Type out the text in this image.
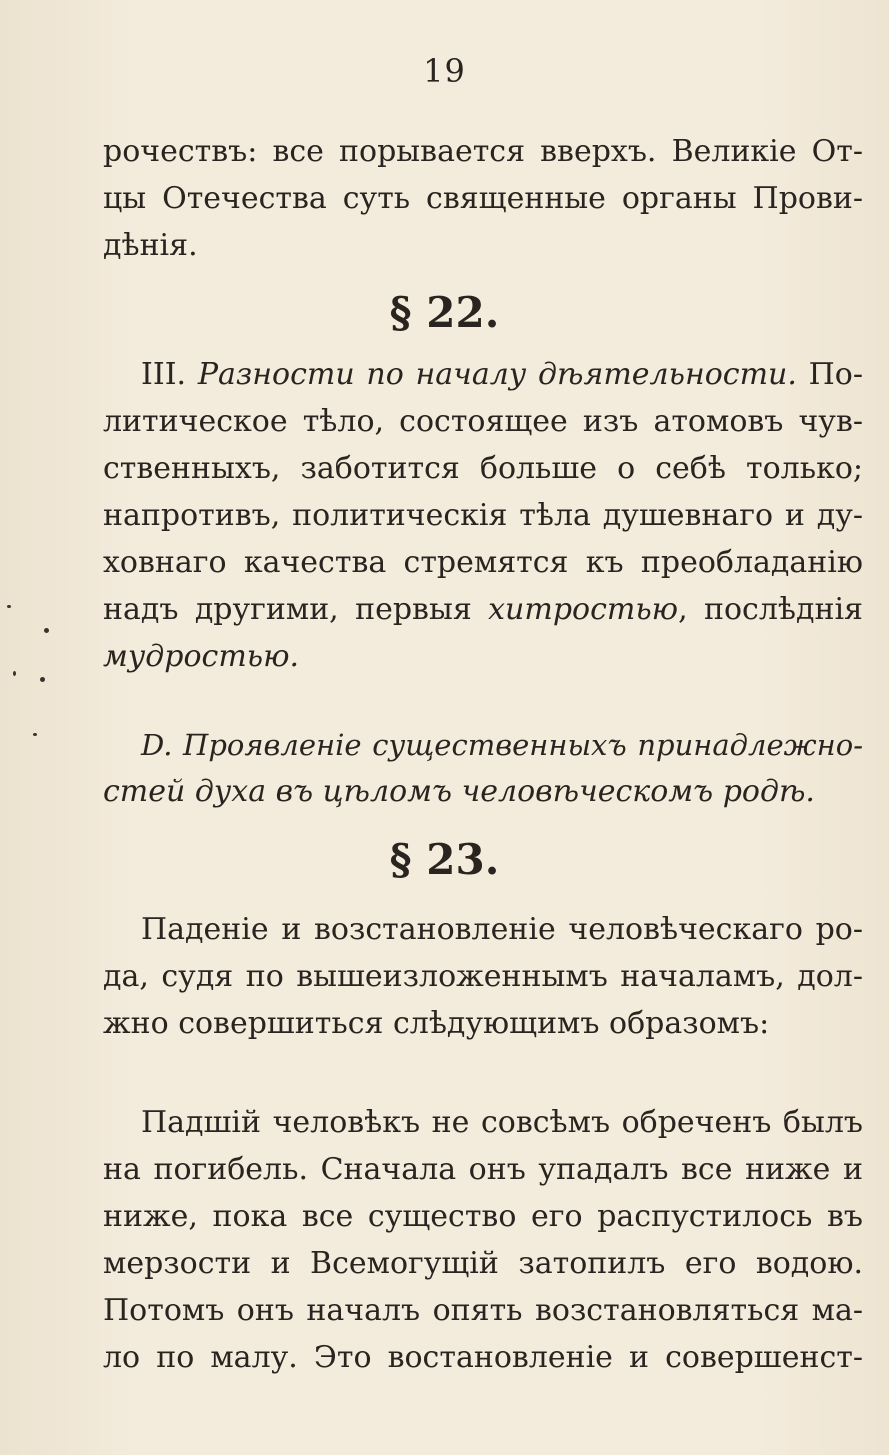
19
рочествъ: все порывается вверхъ. Великіе От-
цы Отечества суть священные органы Прови-
дѣнія.
§ 22.
III. Разности по началу дѣятельности. По-
литическое тѣло, состоящее изъ атомовъ чув-
ственныхъ, заботится больше о себѣ только;
напротивъ, политическія тѣла душевнаго и ду-
ховнаго качества стремятся къ преобладанію
надъ другими, первыя хитростью, послѣднія
мудростью.
D. Проявленіе существенныхъ принадлежно-
стей духа въ цѣломъ человѣческомъ родѣ.
§ 23.
Паденіе и возстановленіе человѣческаго ро-
да, судя по вышеизложеннымъ началамъ, дол-
жно совершиться слѣдующимъ образомъ:
Падшій человѣкъ не совсѣмъ обреченъ былъ
на погибель. Сначала онъ упадалъ все ниже и
ниже, пока все существо его распустилось въ
мерзости и Всемогущій затопилъ его водою.
Потомъ онъ началъ опять возстановляться ма-
ло по малу. Это востановленіе и совершенст-
